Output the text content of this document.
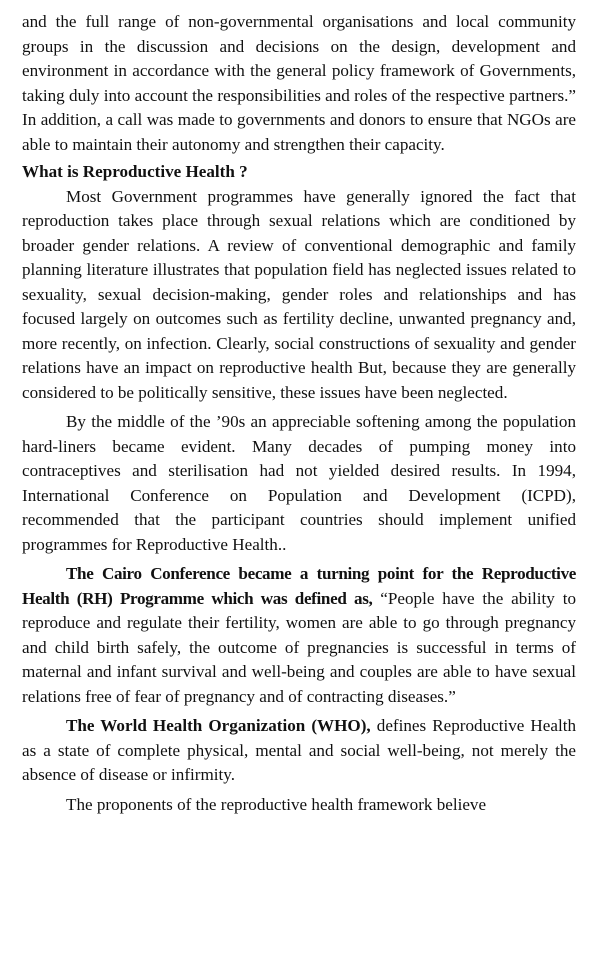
and the full range of non-governmental organisations and local community groups in the discussion and decisions on the design, development and environment in accordance with the general policy framework of Governments, taking duly into account the responsibilities and roles of the respective partners.” In addition, a call was made to governments and donors to ensure that NGOs are able to maintain their autonomy and strengthen their capacity.

What is Reproductive Health ?

Most Government programmes have generally ignored the fact that reproduction takes place through sexual relations which are conditioned by broader gender relations. A review of conventional demographic and family planning literature illustrates that population field has neglected issues related to sexuality, sexual decision-making, gender roles and relationships and has focused largely on outcomes such as fertility decline, unwanted pregnancy and, more recently, on infection. Clearly, social constructions of sexuality and gender relations have an impact on reproductive health But, because they are generally considered to be politically sensitive, these issues have been neglected.

By the middle of the ’90s an appreciable softening among the population hard-liners became evident. Many decades of pumping money into contraceptives and sterilisation had not yielded desired results. In 1994, International Conference on Population and Development (ICPD), recommended that the participant countries should implement unified programmes for Reproductive Health..

The Cairo Conference became a turning point for the Reproductive Health (RH) Programme which was defined as, “People have the ability to reproduce and regulate their fertility, women are able to go through pregnancy and child birth safely, the outcome of pregnancies is successful in terms of maternal and infant survival and well-being and couples are able to have sexual relations free of fear of pregnancy and of contracting diseases.”

The World Health Organization (WHO), defines Reproductive Health as a state of complete physical, mental and social well-being, not merely the absence of disease or infirmity.

The proponents of the reproductive health framework believe
